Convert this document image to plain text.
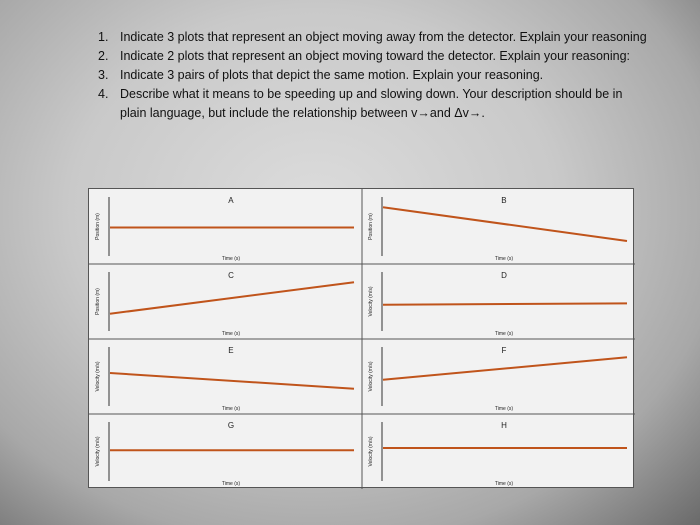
1. Indicate 3 plots that represent an object moving away from the detector. Explain your reasoning
2. Indicate 2 plots that represent an object moving toward the detector. Explain your reasoning:
3. Indicate 3 pairs of plots that depict the same motion. Explain your reasoning.
4. Describe what it means to be speeding up and slowing down. Your description should be in plain language, but include the relationship between v→and Δv→.
A
Position (m)
Time (s)
B
Position (m)
Time (s)
C
Position (m)
Time (s)
D
Velocity (m/s)
Time (s)
E
Velocity (m/s)
Time (s)
F
Velocity (m/s)
Time (s)
G
Velocity (m/s)
Time (s)
H
Velocity (m/s)
Time (s)
